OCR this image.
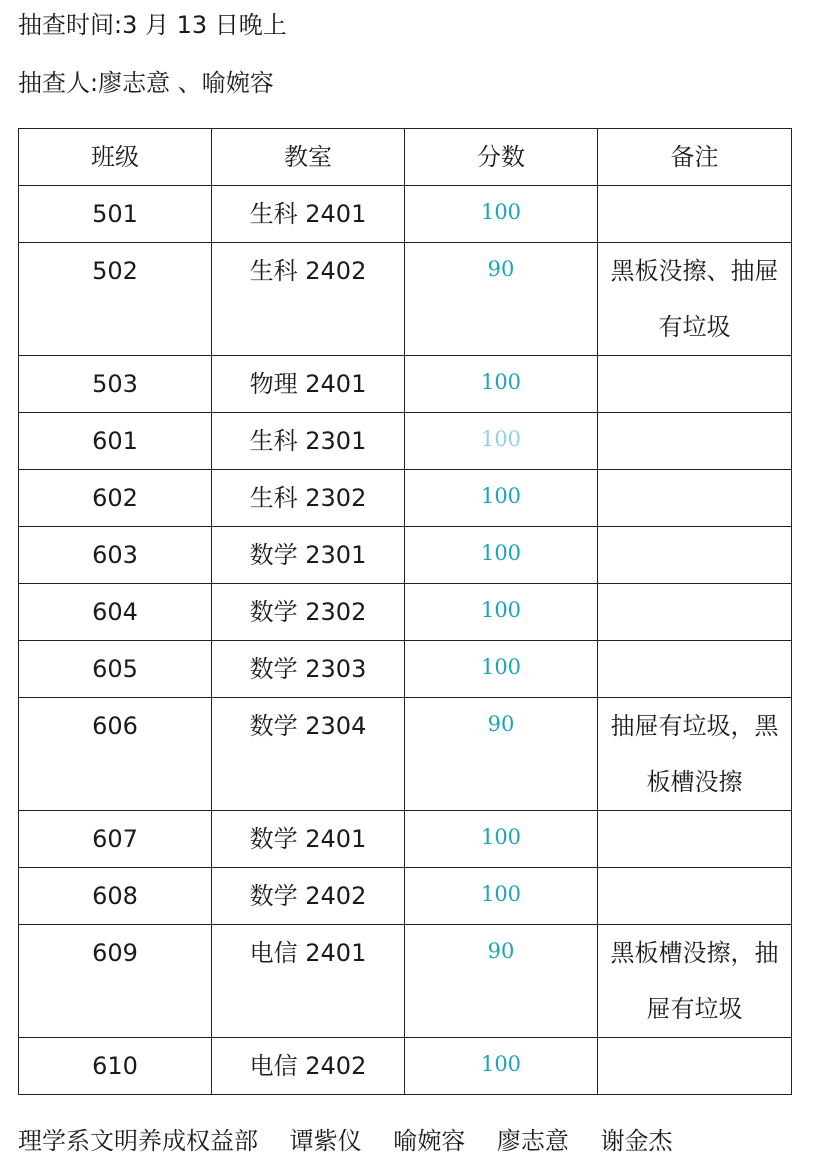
抽查时间:3 月 13 日晚上
抽查人:廖志意 、喻婉容
班级	教室	分数	备注
501	生科 2401	100	
502	生科 2402	90	黑板没擦、抽屉有垃圾
503	物理 2401	100	
601	生科 2301	100	
602	生科 2302	100	
603	数学 2301	100	
604	数学 2302	100	
605	数学 2303	100	
606	数学 2304	90	抽屉有垃圾，黑板槽没擦
607	数学 2401	100	
608	数学 2402	100	
609	电信 2401	90	黑板槽没擦，抽屉有垃圾
610	电信 2402	100	
理学系文明养成权益部 谭紫仪 喻婉容 廖志意 谢金杰
